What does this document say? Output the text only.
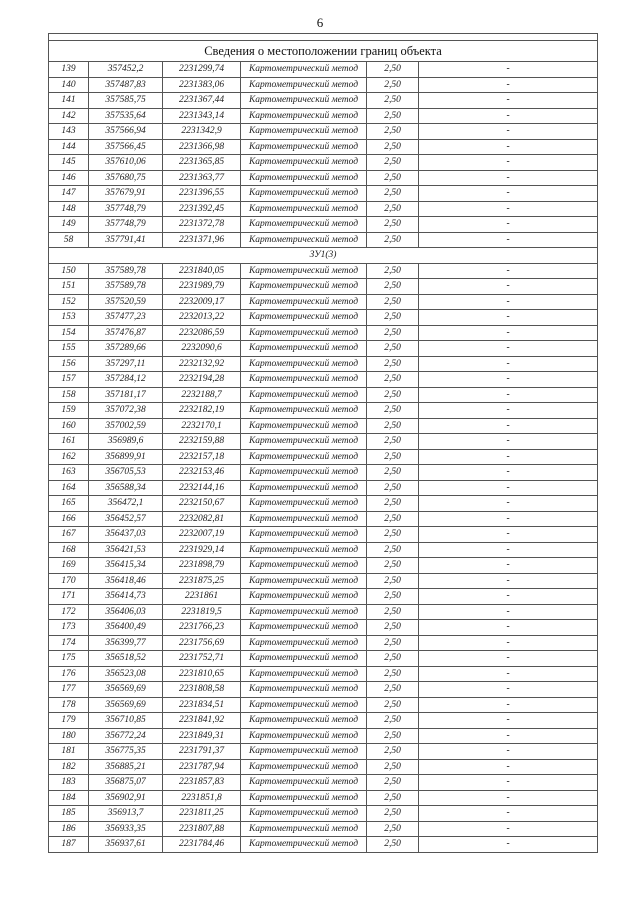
6

Сведения о местоположении границ объекта					
139	357452,2	2231299,74	Картометрический метод	2,50	-
140	357487,83	2231383,06	Картометрический метод	2,50	-
141	357585,75	2231367,44	Картометрический метод	2,50	-
142	357535,64	2231343,14	Картометрический метод	2,50	-
143	357566,94	2231342,9	Картометрический метод	2,50	-
144	357566,45	2231366,98	Картометрический метод	2,50	-
145	357610,06	2231365,85	Картометрический метод	2,50	-
146	357680,75	2231363,77	Картометрический метод	2,50	-
147	357679,91	2231396,55	Картометрический метод	2,50	-
148	357748,79	2231392,45	Картометрический метод	2,50	-
149	357748,79	2231372,78	Картометрический метод	2,50	-
58	357791,41	2231371,96	Картометрический метод	2,50	-
ЗУ1(3)					
150	357589,78	2231840,05	Картометрический метод	2,50	-
151	357589,78	2231989,79	Картометрический метод	2,50	-
152	357520,59	2232009,17	Картометрический метод	2,50	-
153	357477,23	2232013,22	Картометрический метод	2,50	-
154	357476,87	2232086,59	Картометрический метод	2,50	-
155	357289,66	2232090,6	Картометрический метод	2,50	-
156	357297,11	2232132,92	Картометрический метод	2,50	-
157	357284,12	2232194,28	Картометрический метод	2,50	-
158	357181,17	2232188,7	Картометрический метод	2,50	-
159	357072,38	2232182,19	Картометрический метод	2,50	-
160	357002,59	2232170,1	Картометрический метод	2,50	-
161	356989,6	2232159,88	Картометрический метод	2,50	-
162	356899,91	2232157,18	Картометрический метод	2,50	-
163	356705,53	2232153,46	Картометрический метод	2,50	-
164	356588,34	2232144,16	Картометрический метод	2,50	-
165	356472,1	2232150,67	Картометрический метод	2,50	-
166	356452,57	2232082,81	Картометрический метод	2,50	-
167	356437,03	2232007,19	Картометрический метод	2,50	-
168	356421,53	2231929,14	Картометрический метод	2,50	-
169	356415,34	2231898,79	Картометрический метод	2,50	-
170	356418,46	2231875,25	Картометрический метод	2,50	-
171	356414,73	2231861	Картометрический метод	2,50	-
172	356406,03	2231819,5	Картометрический метод	2,50	-
173	356400,49	2231766,23	Картометрический метод	2,50	-
174	356399,77	2231756,69	Картометрический метод	2,50	-
175	356518,52	2231752,71	Картометрический метод	2,50	-
176	356523,08	2231810,65	Картометрический метод	2,50	-
177	356569,69	2231808,58	Картометрический метод	2,50	-
178	356569,69	2231834,51	Картометрический метод	2,50	-
179	356710,85	2231841,92	Картометрический метод	2,50	-
180	356772,24	2231849,31	Картометрический метод	2,50	-
181	356775,35	2231791,37	Картометрический метод	2,50	-
182	356885,21	2231787,94	Картометрический метод	2,50	-
183	356875,07	2231857,83	Картометрический метод	2,50	-
184	356902,91	2231851,8	Картометрический метод	2,50	-
185	356913,7	2231811,25	Картометрический метод	2,50	-
186	356933,35	2231807,88	Картометрический метод	2,50	-
187	356937,61	2231784,46	Картометрический метод	2,50	-
